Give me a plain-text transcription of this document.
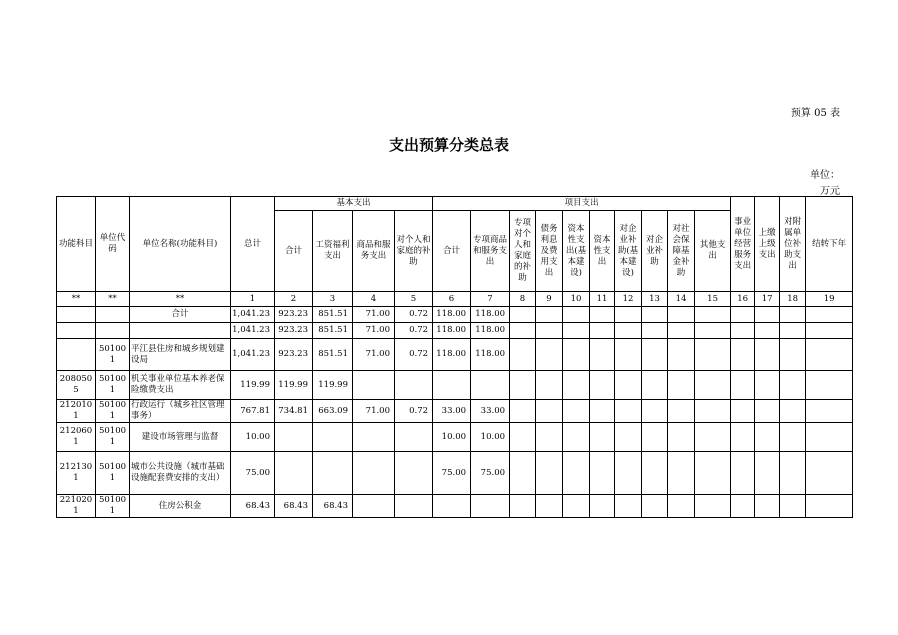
预算 05 表
支出预算分类总表
单位：
万元
功能科目	单位代码	单位名称(功能科目)	总计	基本支出				项目支出										事业单位经营服务支出	上缴上级支出	对附属单位补助支出	结转下年
				合计	工资福利支出	商品和服务支出	对个人和家庭的补助	合计	专项商品和服务支出	专项对个人和家庭的补助	债务利息及费用支出	资本性支出(基本建设)	资本性支出	对企业补助(基本建设)	对企业补助	对社会保障基金补助	其他支出				
**	**	**	1	2	3	4	5	6	7	8	9	10	11	12	13	14	15	16	17	18	19
		合计	1,041.23	923.23	851.51	71.00	0.72	118.00	118.00												
			1,041.23	923.23	851.51	71.00	0.72	118.00	118.00												
	501001	平江县住房和城乡规划建设局	1,041.23	923.23	851.51	71.00	0.72	118.00	118.00												
2080505	501001	机关事业单位基本养老保险缴费支出	119.99	119.99	119.99																
2120101	501001	行政运行（城乡社区管理事务）	767.81	734.81	663.09	71.00	0.72	33.00	33.00												
2120601	501001	建设市场管理与监督	10.00					10.00	10.00												
2121301	501001	城市公共设施（城市基础设施配套费安排的支出）	75.00					75.00	75.00												
2210201	501001	住房公积金	68.43	68.43	68.43																
